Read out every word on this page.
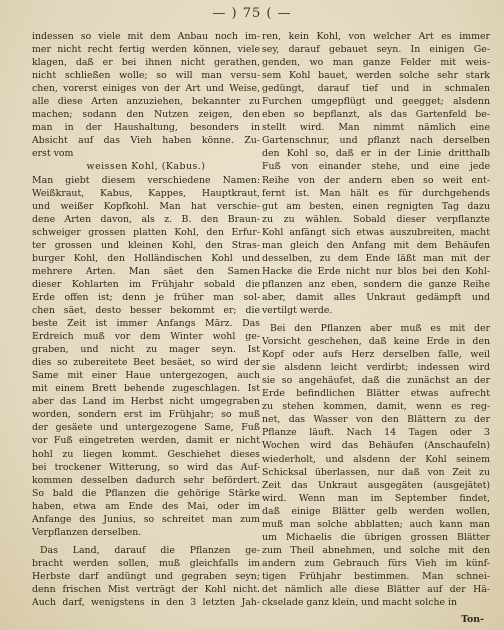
— ) 75 ( —
indessen so viele mit dem Anbau noch im-
mer nicht recht fertig werden können, viele
klagen, daß er bei ihnen nicht gerathen,
nicht schließen wolle; so will man versu-
chen, vorerst einiges von der Art und Weise,
alle diese Arten anzuziehen, bekannter zu
machen; sodann den Nutzen zeigen, den
man in der Haushaltung, besonders in
Absicht auf das Vieh haben könne. Zu-
erst vom
weissen Kohl, (Kabus.)
Man giebt diesem verschiedene Namen:
Weißkraut, Kabus, Kappes, Hauptkraut,
und weißer Kopfkohl. Man hat verschie-
dene Arten davon, als z. B. den Braun-
schweiger grossen platten Kohl, den Erfur-
ter grossen und kleinen Kohl, den Stras-
burger Kohl, den Holländischen Kohl und
mehrere Arten. Man säet den Samen
dieser Kohlarten im Frühjahr sobald die
Erde offen ist; denn je früher man sol-
chen säet, desto besser bekommt er; die
beste Zeit ist immer Anfangs März. Das
Erdreich muß vor dem Winter wohl ge-
graben, und nicht zu mager seyn. Ist
dies so zubereitete Beet besäet, so wird der
Same mit einer Haue untergezogen, auch
mit einem Brett behende zugeschlagen. Ist
aber das Land im Herbst nicht umgegraben
worden, sondern erst im Frühjahr; so muß
der gesäete und untergezogene Same, Fuß
vor Fuß eingetreten werden, damit er nicht
hohl zu liegen kommt. Geschiehet dieses
bei trockener Witterung, so wird das Auf-
kommen desselben dadurch sehr befördert.
So bald die Pflanzen die gehörige Stärke
haben, etwa am Ende des Mai, oder im
Anfange des Junius, so schreitet man zum
Verpflanzen derselben.
Das Land, darauf die Pflanzen ge-
bracht werden sollen, muß gleichfalls im
Herbste darf andüngt und gegraben seyn;
denn frischen Mist verträgt der Kohl nicht.
Auch darf, wenigstens in den 3 letzten Jah-
ren, kein Kohl, von welcher Art es immer
sey, darauf gebauet seyn. In einigen Ge-
genden, wo man ganze Felder mit weis-
sem Kohl bauet, werden solche sehr stark
gedüngt, darauf tief und in schmalen
Furchen umgepflügt und geegget; alsdenn
eben so bepflanzt, als das Gartenfeld be-
stellt wird. Man nimmt nämlich eine
Gartenschnur, und pflanzt nach derselben
den Kohl so, daß er in der Linie dritthalb
Fuß von einander stehe, und eine jede
Reihe von der andern eben so weit ent-
fernt ist. Man hält es für durchgehends
gut am besten, einen regnigten Tag dazu
zu zu wählen. Sobald dieser verpflanzte
Kohl anfängt sich etwas auszubreiten, macht
man gleich den Anfang mit dem Behäufen
desselben, zu dem Ende läßt man mit der
Hacke die Erde nicht nur blos bei den Kohl-
pflanzen anz eben, sondern die ganze Reihe
aber, damit alles Unkraut gedämpft und
vertilgt werde.
Bei den Pflanzen aber muß es mit der
Vorsicht geschehen, daß keine Erde in den
Kopf oder aufs Herz derselben falle, weil
sie alsdenn leicht verdirbt; indessen wird
sie so angehäufet, daß die zunächst an der
Erde befindlichen Blätter etwas aufrecht
zu stehen kommen, damit, wenn es reg-
net, das Wasser von den Blättern zu der
Pflanze läuft. Nach 14 Tagen oder 3
Wochen wird das Behäufen (Anschaufeln)
wiederholt, und alsdenn der Kohl seinem
Schicksal überlassen, nur daß von Zeit zu
Zeit das Unkraut ausgegäten (ausgejätet)
wird. Wenn man im September findet,
daß einige Blätter gelb werden wollen,
muß man solche abblatten; auch kann man
um Michaelis die übrigen grossen Blätter
zum Theil abnehmen, und solche mit den
andern zum Gebrauch fürs Vieh im künf-
tigen Frühjahr bestimmen. Man schnei-
det nämlich alle diese Blätter auf der Hä-
ckselade ganz klein, und macht solche in
Ton-
